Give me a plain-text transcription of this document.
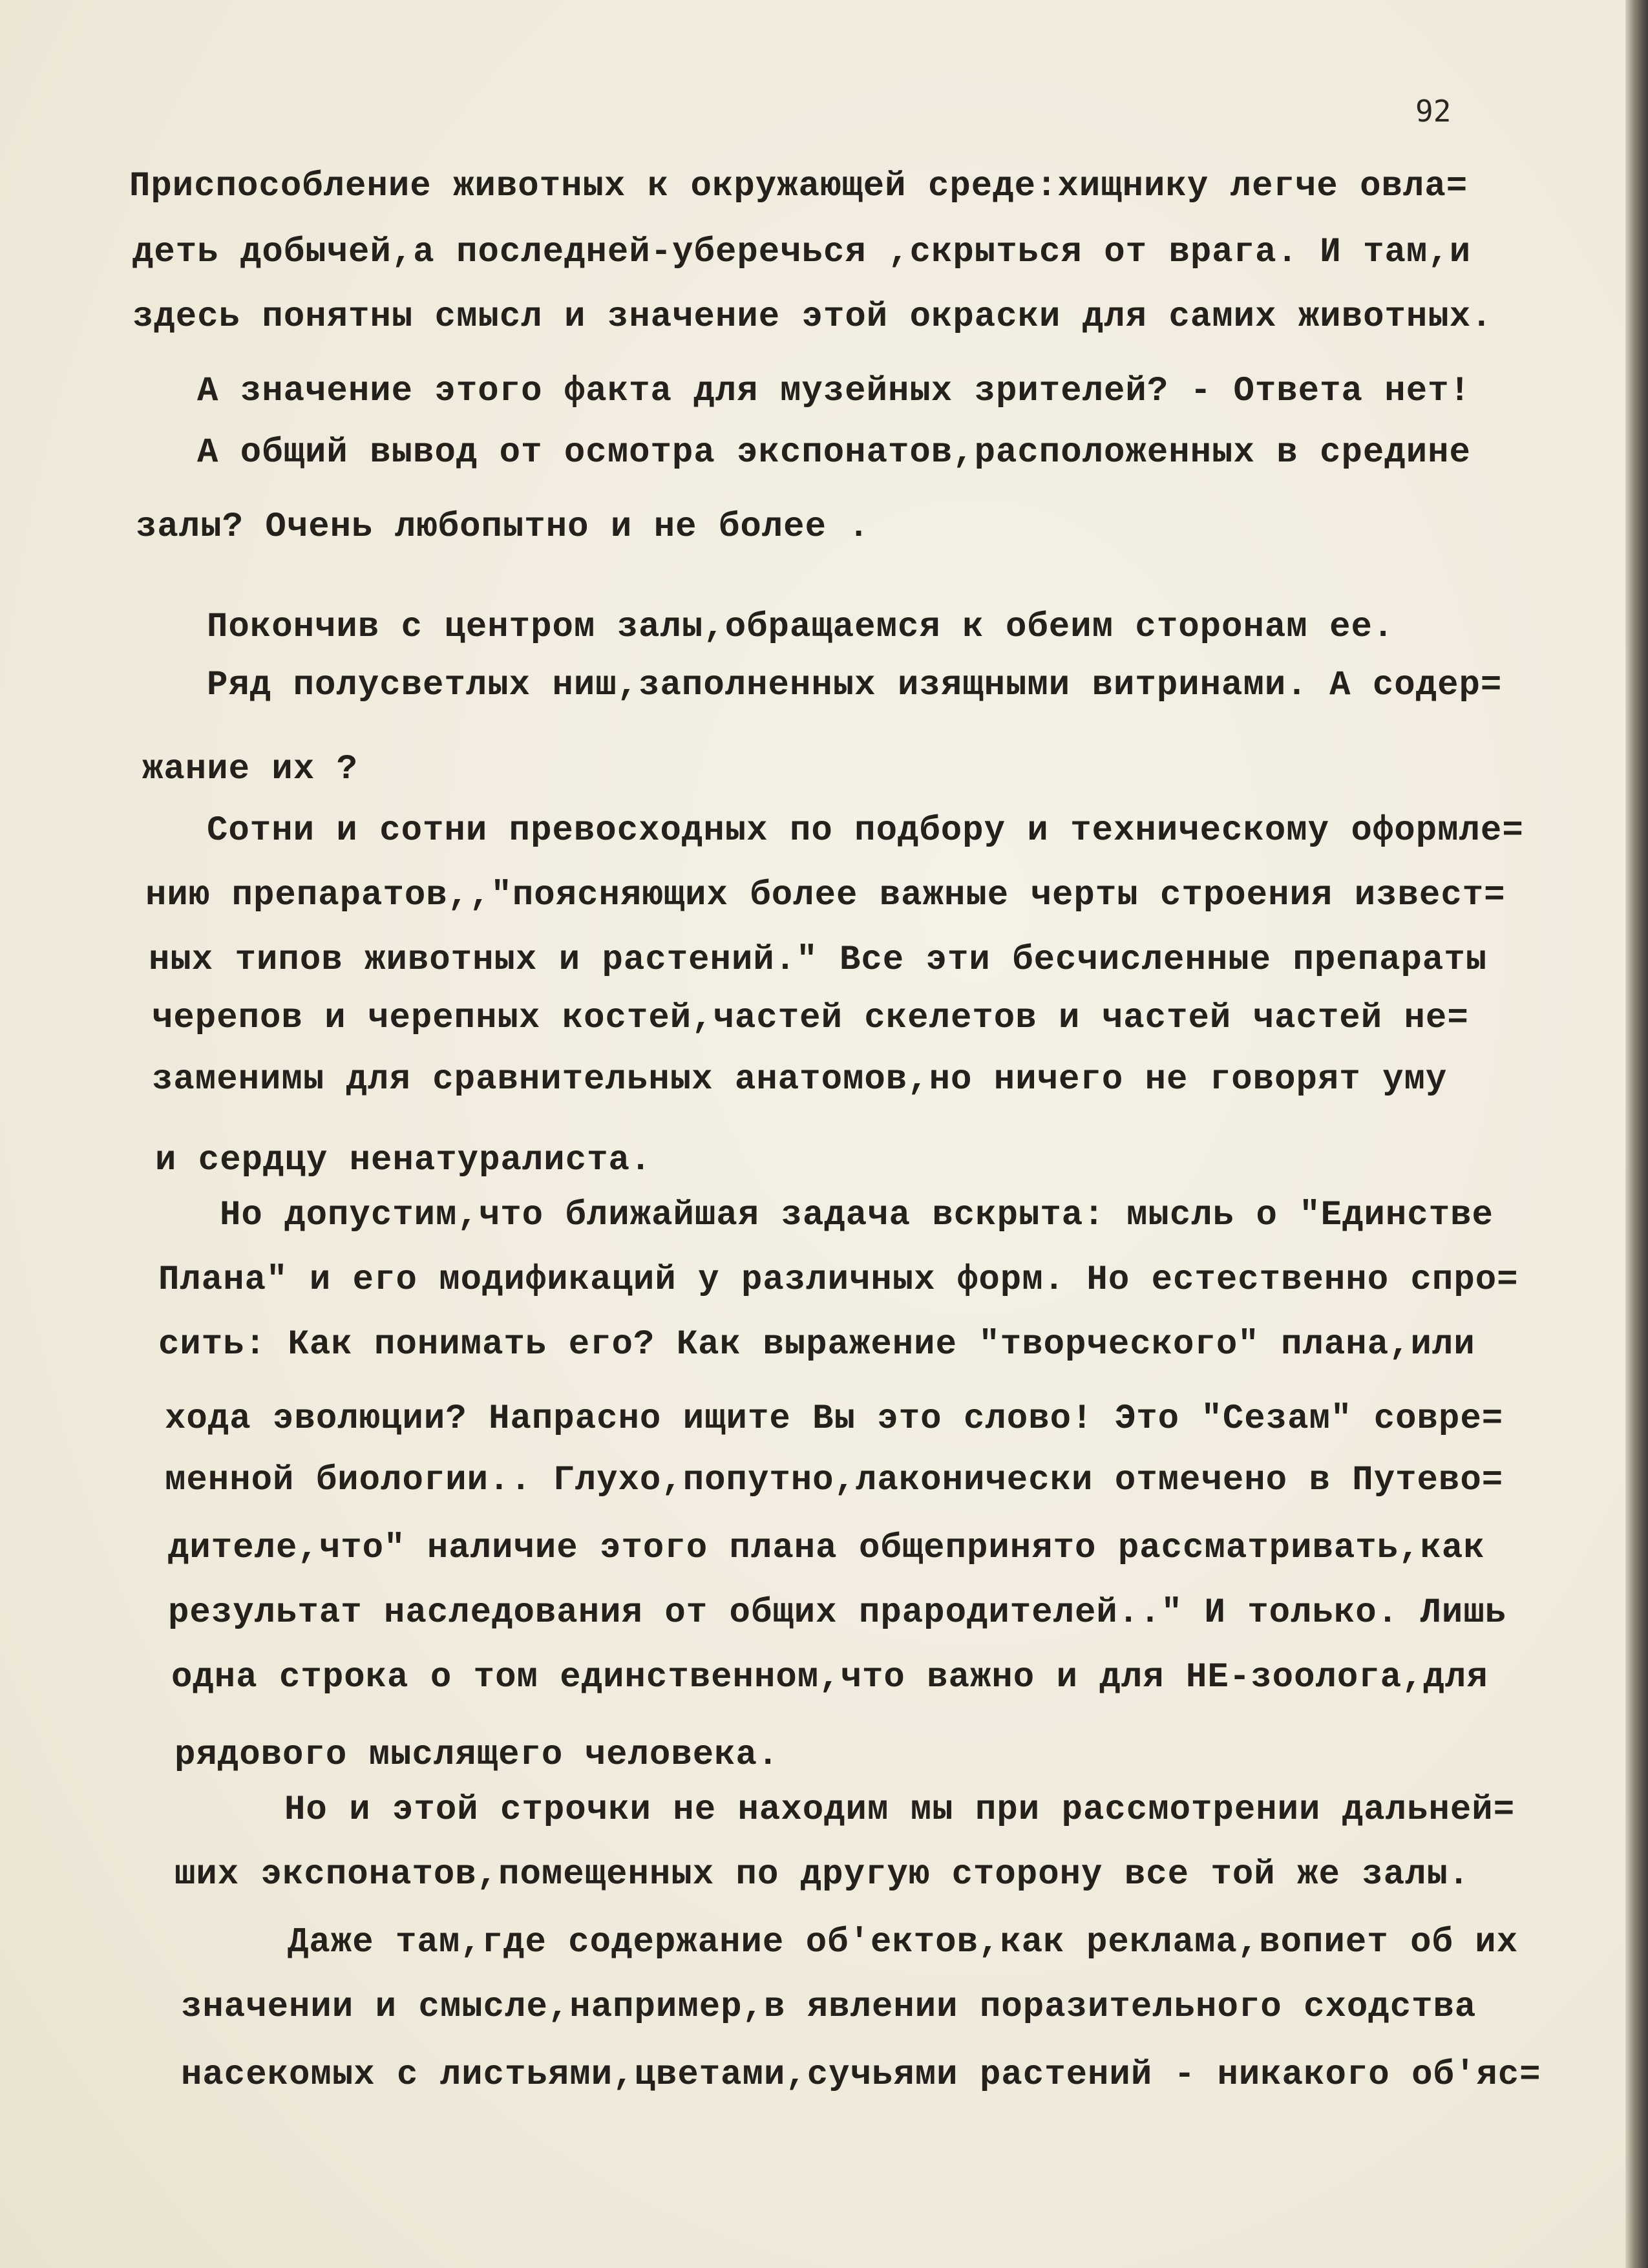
92
Приспособление животных к окружающей среде:хищнику легче овла=
деть добычей,а последней-уберечься ,скрыться от врага. И там,и
здесь понятны смысл и значение этой окраски для самих животных.
А значение этого факта для музейных зрителей? - Ответа нет!
А общий вывод от осмотра экспонатов,расположенных в средине
залы? Очень любопытно и не более .
Покончив с центром залы,обращаемся к обеим сторонам ее.
Ряд полусветлых ниш,заполненных изящными витринами. А содер=
жание их ?
Сотни и сотни превосходных по подбору и техническому оформле=
нию препаратов,,"поясняющих более важные черты строения извест=
ных типов животных и растений." Все эти бесчисленные препараты
черепов и черепных костей,частей скелетов и частей частей не=
заменимы для сравнительных анатомов,но ничего не говорят уму
и сердцу ненатуралиста.
Но допустим,что ближайшая задача вскрыта: мысль о "Единстве
Плана" и его модификаций у различных форм. Но естественно спро=
сить: Как понимать его? Как выражение "творческого" плана,или
хода эволюции? Напрасно ищите Вы это слово! Это "Сезам" совре=
менной биологии.. Глухо,попутно,лаконически отмечено в Путево=
дителе,что" наличие этого плана общепринято рассматривать,как
результат наследования от общих прародителей.." И только. Лишь
одна строка о том единственном,что важно и для НЕ-зоолога,для
рядового мыслящего человека.
Но и этой строчки не находим мы при рассмотрении дальней=
ших экспонатов,помещенных по другую сторону все той же залы.
Даже там,где содержание об'ектов,как реклама,вопиет об их
значении и смысле,например,в явлении поразительного сходства
насекомых с листьями,цветами,сучьями растений - никакого об'яс=
